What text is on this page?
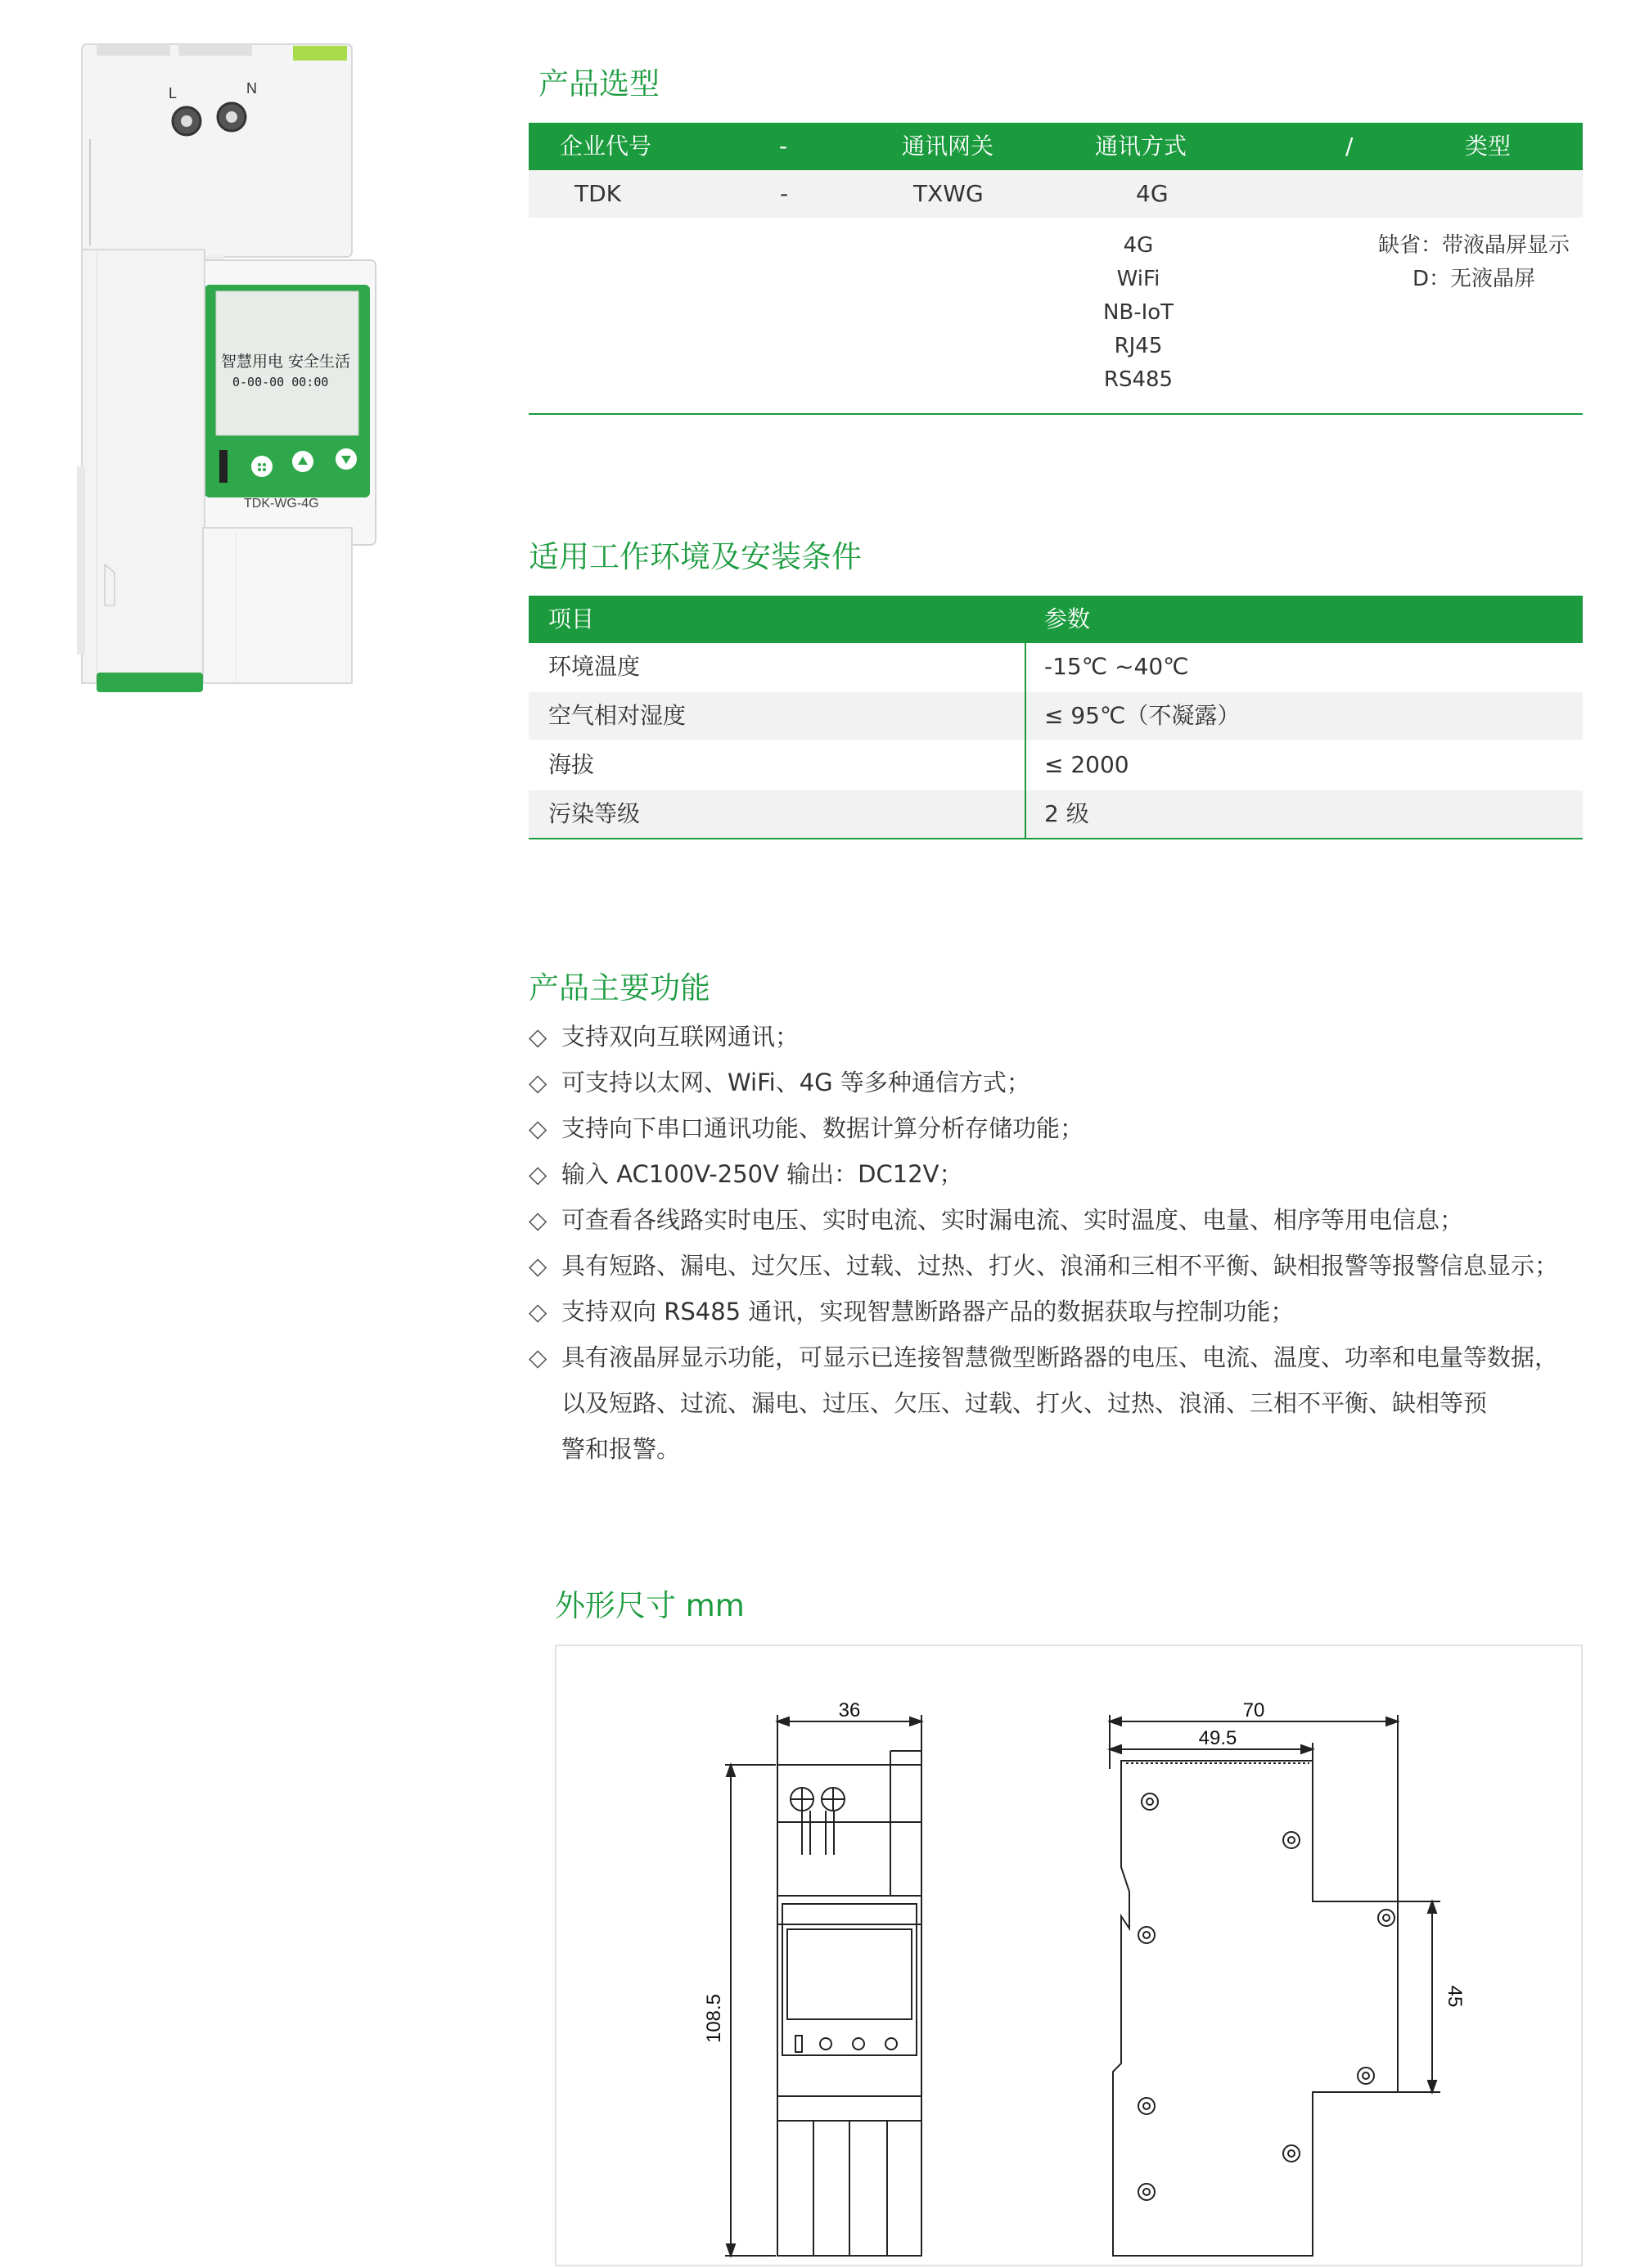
L	N
智慧用电 安全生活
0-00-00 00:00
TDK-WG-4G
产品选型
企业代号	-	通讯网关	通讯方式	/	类型
TDK	-	TXWG	4G
4G
WiFi
NB-IoT
RJ45
RS485
缺省：带液晶屏显示
D：无液晶屏
适用工作环境及安装条件
项目	参数
环境温度	-15℃ ~40℃
空气相对湿度	≤ 95℃（不凝露）
海拔	≤ 2000
污染等级	2 级
产品主要功能
◇ 支持双向互联网通讯；
◇ 可支持以太网、WiFi、4G 等多种通信方式；
◇ 支持向下串口通讯功能、数据计算分析存储功能；
◇ 输入 AC100V-250V 输出：DC12V；
◇ 可查看各线路实时电压、实时电流、实时漏电流、实时温度、电量、相序等用电信息；
◇ 具有短路、漏电、过欠压、过载、过热、打火、浪涌和三相不平衡、缺相报警等报警信息显示；
◇ 支持双向 RS485 通讯，实现智慧断路器产品的数据获取与控制功能；
◇ 具有液晶屏显示功能，可显示已连接智慧微型断路器的电压、电流、温度、功率和电量等数据，
以及短路、过流、漏电、过压、欠压、过载、打火、过热、浪涌、三相不平衡、缺相等预
警和报警。
外形尺寸 mm
36
108.5
70
49.5
45
